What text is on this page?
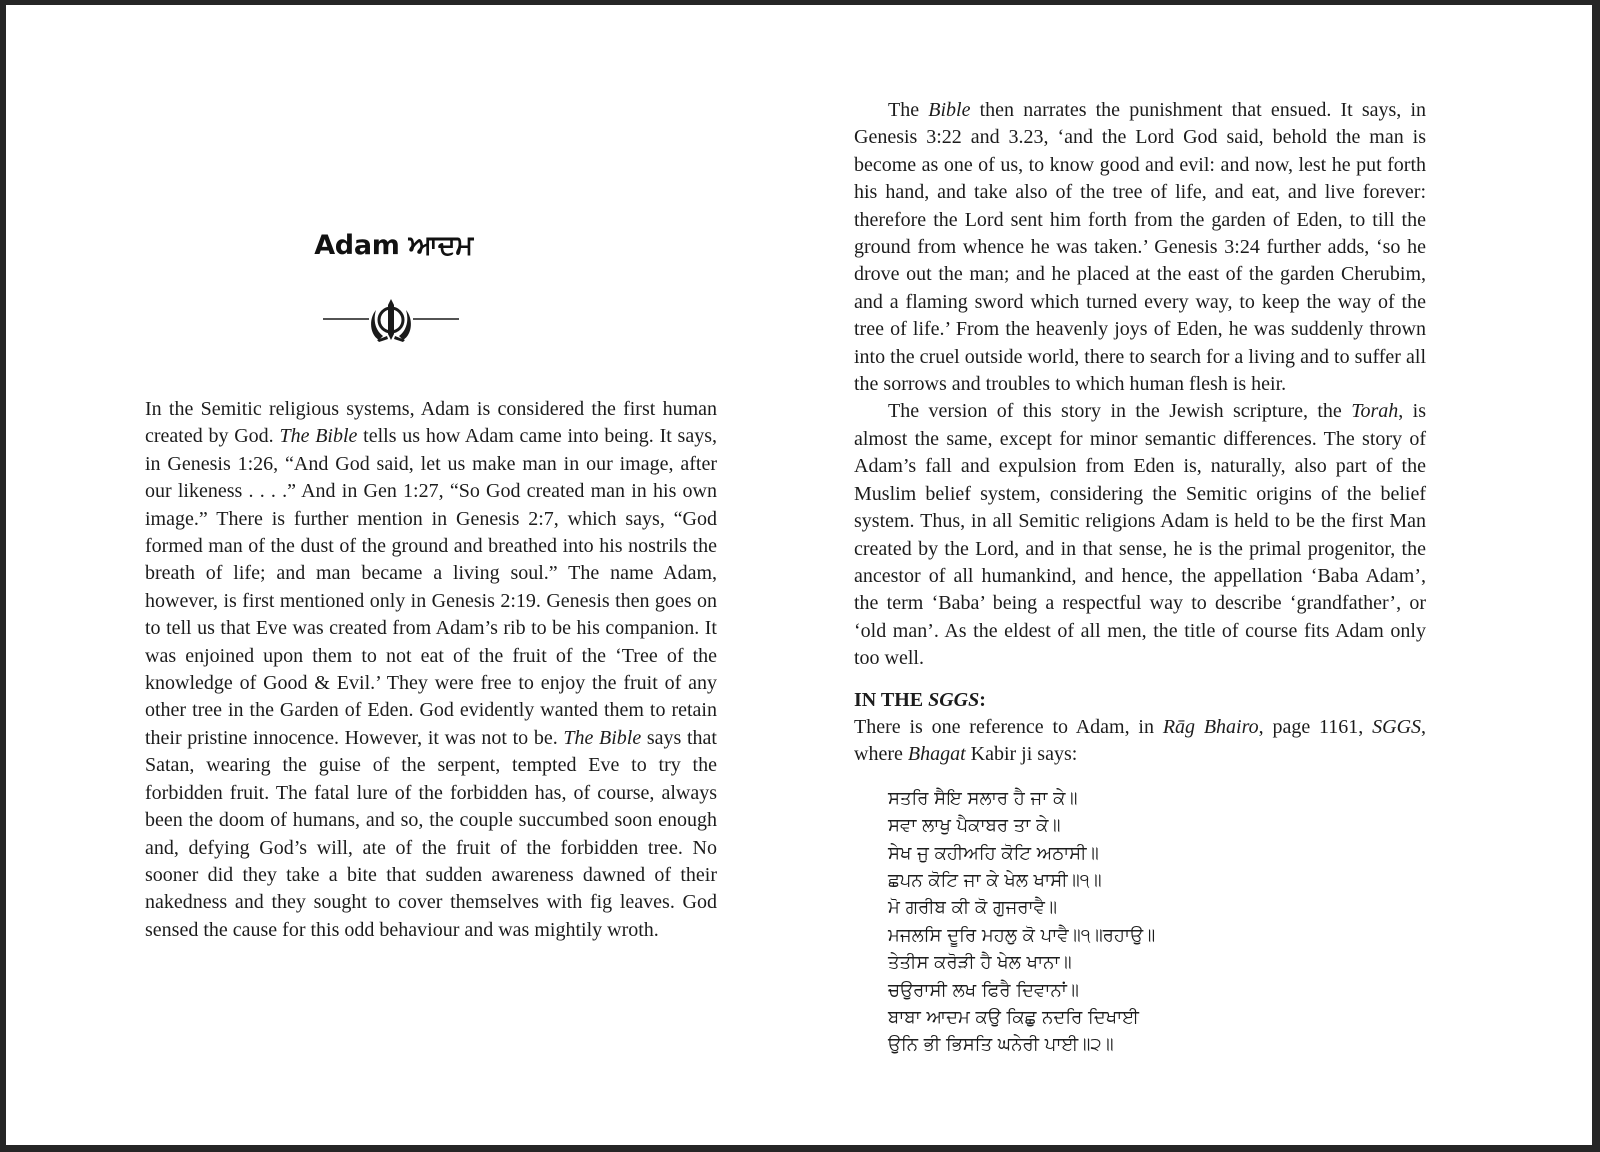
Adam ਆਦਮ

In the Semitic religious systems, Adam is considered the first human created by God. The Bible tells us how Adam came into being. It says, in Genesis 1:26, “And God said, let us make man in our image, after our likeness . . . .” And in Gen 1:27, “So God created man in his own image.” There is further mention in Genesis 2:7, which says, “God formed man of the dust of the ground and breathed into his nostrils the breath of life; and man became a living soul.” The name Adam, however, is first mentioned only in Genesis 2:19. Genesis then goes on to tell us that Eve was created from Adam’s rib to be his companion. It was enjoined upon them to not eat of the fruit of the ‘Tree of the knowledge of Good & Evil.’ They were free to enjoy the fruit of any other tree in the Garden of Eden. God evidently wanted them to retain their pristine innocence. However, it was not to be. The Bible says that Satan, wearing the guise of the serpent, tempted Eve to try the forbidden fruit. The fatal lure of the forbidden has, of course, always been the doom of humans, and so, the couple succumbed soon enough and, defying God’s will, ate of the fruit of the forbidden tree. No sooner did they take a bite that sudden awareness dawned of their nakedness and they sought to cover themselves with fig leaves. God sensed the cause for this odd behaviour and was mightily wroth.

The Bible then narrates the punishment that ensued. It says, in Genesis 3:22 and 3.23, ‘and the Lord God said, behold the man is become as one of us, to know good and evil: and now, lest he put forth his hand, and take also of the tree of life, and eat, and live forever: therefore the Lord sent him forth from the garden of Eden, to till the ground from whence he was taken.’ Genesis 3:24 further adds, ‘so he drove out the man; and he placed at the east of the garden Cherubim, and a flaming sword which turned every way, to keep the way of the tree of life.’ From the heavenly joys of Eden, he was suddenly thrown into the cruel outside world, there to search for a living and to suffer all the sorrows and troubles to which human flesh is heir.

The version of this story in the Jewish scripture, the Torah, is almost the same, except for minor semantic differences. The story of Adam’s fall and expulsion from Eden is, naturally, also part of the Muslim belief system, considering the Semitic origins of the belief system. Thus, in all Semitic religions Adam is held to be the first Man created by the Lord, and in that sense, he is the primal progenitor, the ancestor of all humankind, and hence, the appellation ‘Baba Adam’, the term ‘Baba’ being a respectful way to describe ‘grandfather’, or ‘old man’. As the eldest of all men, the title of course fits Adam only too well.

IN THE SGGS:

There is one reference to Adam, in Rāg Bhairo, page 1161, SGGS, where Bhagat Kabir ji says:

ਸਤਰਿ ਸੈਇ ਸਲਾਰ ਹੈ ਜਾ ਕੇ॥
ਸਵਾ ਲਾਖੁ ਪੈਕਾਬਰ ਤਾ ਕੇ॥
ਸੇਖ ਜੁ ਕਹੀਅਹਿ ਕੋਟਿ ਅਠਾਸੀ॥
ਛਪਨ ਕੋਟਿ ਜਾ ਕੇ ਖੇਲ ਖਾਸੀ॥੧॥
ਮੋ ਗਰੀਬ ਕੀ ਕੋ ਗੁਜਰਾਵੈ॥
ਮਜਲਸਿ ਦੂਰਿ ਮਹਲੁ ਕੋ ਪਾਵੈ॥੧॥ਰਹਾਉ॥
ਤੇਤੀਸ ਕਰੋੜੀ ਹੈ ਖੇਲ ਖਾਨਾ॥
ਚਉਰਾਸੀ ਲਖ ਫਿਰੈ ਦਿਵਾਨਾਂ॥
ਬਾਬਾ ਆਦਮ ਕਉ ਕਿਛੁ ਨਦਰਿ ਦਿਖਾਈ
ਉਨਿ ਭੀ ਭਿਸਤਿ ਘਨੇਰੀ ਪਾਈ॥੨॥
